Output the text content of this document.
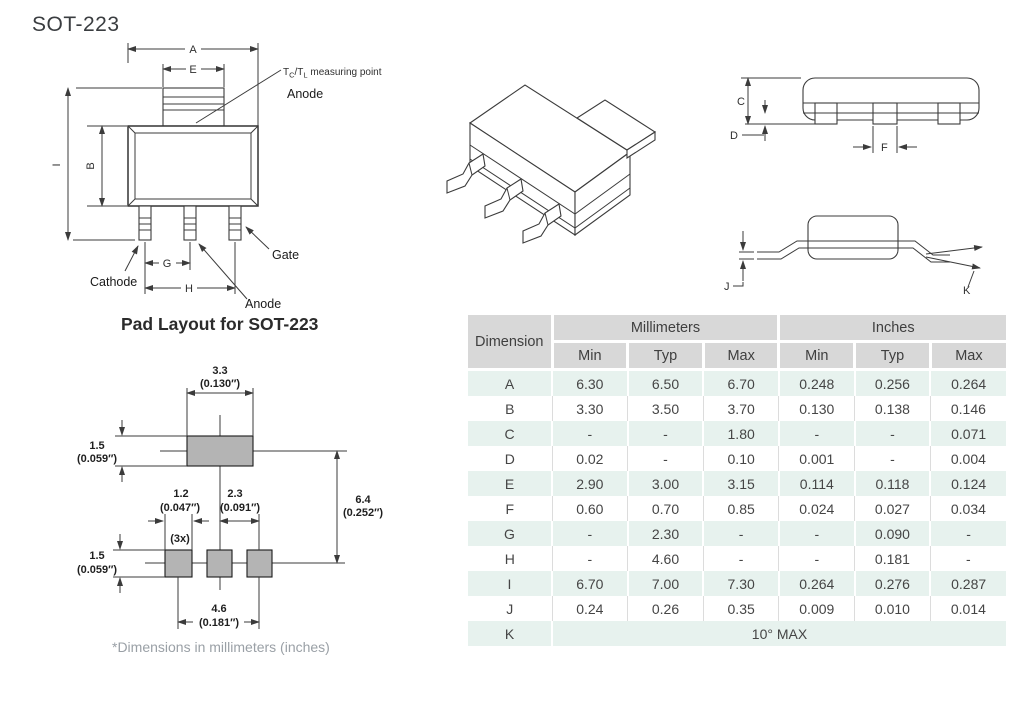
SOT-223
A
E	$T_C/T_L$ measuring point
Anode
I B
G
H
Cathode
Gate
Anode
C
D
F
J	K
Pad Layout for SOT-223
3.3
(0.130″)
1.5
(0.059″)
6.4
(0.252″)
1.2
(0.047″)
(3x)
2.3
(0.091″)
4.6
(0.181″)
1.5
(0.059″)
*Dimensions in millimeters (inches)
Dimension	Millimeters			Inches		
	Min	Typ	Max	Min	Typ	Max
A	6.30	6.50	6.70	0.248	0.256	0.264
B	3.30	3.50	3.70	0.130	0.138	0.146
C	-	-	1.80	-	-	0.071
D	0.02	-	0.10	0.001	-	0.004
E	2.90	3.00	3.15	0.114	0.118	0.124
F	0.60	0.70	0.85	0.024	0.027	0.034
G	-	2.30	-	-	0.090	-
H	-	4.60	-	-	0.181	-
I	6.70	7.00	7.30	0.264	0.276	0.287
J	0.24	0.26	0.35	0.009	0.010	0.014
K	10° MAX					
